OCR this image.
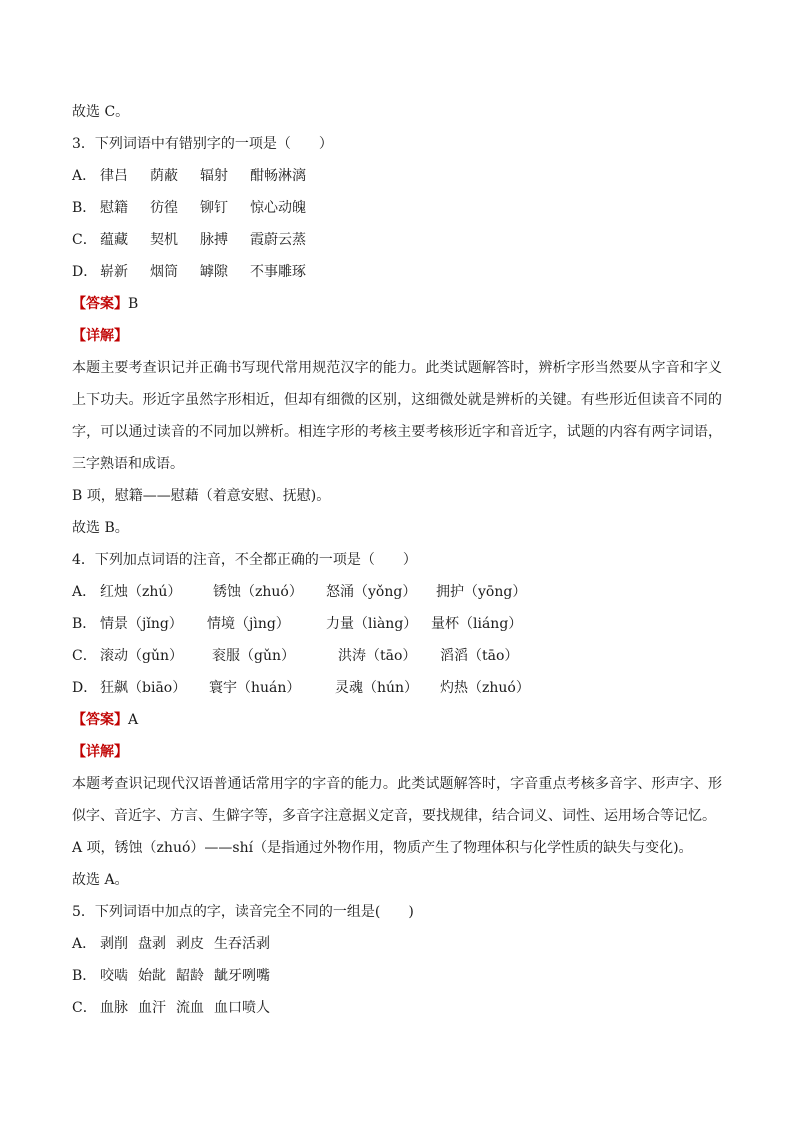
故选 C。
3．下列词语中有错别字的一项是（　　）
A． 律吕 荫蔽 辐射 酣畅淋漓
B． 慰籍 彷徨 铆钉 惊心动魄
C． 蕴藏 契机 脉搏 霞蔚云蒸
D． 崭新 烟筒 罅隙 不事雕琢
【答案】B
【详解】
本题主要考查识记并正确书写现代常用规范汉字的能力。此类试题解答时，辨析字形当然要从字音和字义上下功夫。形近字虽然字形相近，但却有细微的区别，这细微处就是辨析的关键。有些形近但读音不同的字，可以通过读音的不同加以辨析。相连字形的考核主要考核形近字和音近字，试题的内容有两字词语，三字熟语和成语。
B 项，慰籍——慰藉（着意安慰、抚慰)。
故选 B。
4．下列加点词语的注音，不全都正确的一项是（　　）
A． 红烛（zhú） 锈蚀（zhuó） 怒涌（yǒng） 拥护（yōng）
B． 情景（jǐng） 情境（jìng）	力量（liàng） 量杯（liáng）
C． 滚动（gǔn） 衮服（gǔn）	洪涛（tāo） 滔滔（tāo）
D． 狂飙（biāo） 寰宇（huán） 灵魂（hún） 灼热（zhuó）
【答案】A
【详解】
本题考查识记现代汉语普通话常用字的字音的能力。此类试题解答时，字音重点考核多音字、形声字、形似字、音近字、方言、生僻字等，多音字注意据义定音，要找规律，结合词义、词性、运用场合等记忆。
A 项，锈蚀（zhuó）——shí（是指通过外物作用，物质产生了物理体积与化学性质的缺失与变化)。
故选 A。
5．下列词语中加点的字，读音完全不同的一组是(　　)
A． 剥削 盘剥 剥皮 生吞活剥
B． 咬啮 始龀 龆龄 龇牙咧嘴
C． 血脉 血汗 流血 血口喷人
